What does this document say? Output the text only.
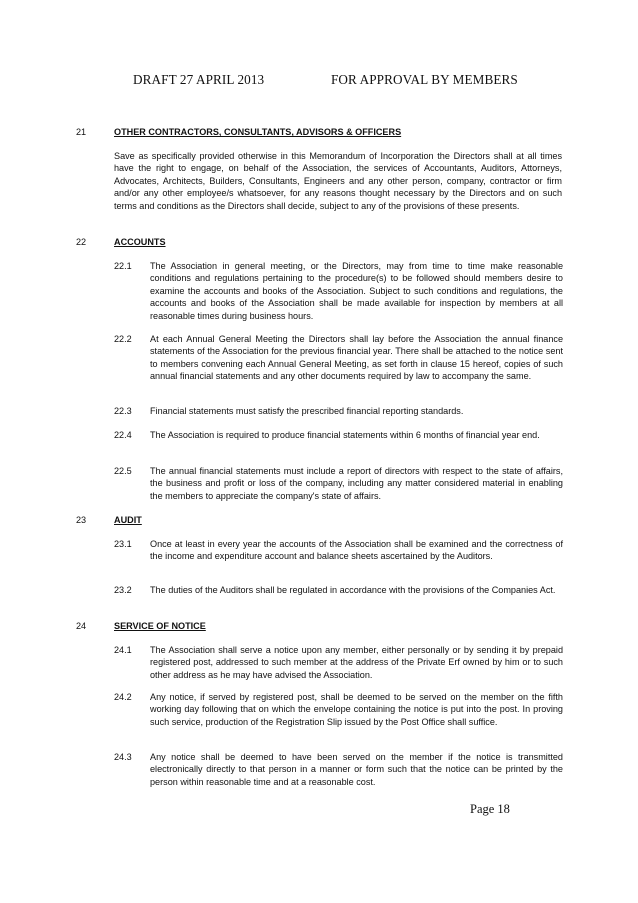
DRAFT 27 APRIL 2013	FOR APPROVAL BY MEMBERS
21	OTHER CONTRACTORS, CONSULTANTS, ADVISORS & OFFICERS
Save as specifically provided otherwise in this Memorandum of Incorporation the Directors shall at all times have the right to engage, on behalf of the Association, the services of Accountants, Auditors, Attorneys, Advocates, Architects, Builders, Consultants, Engineers and any other person, company, contractor or firm and/or any other employee/s whatsoever, for any reasons thought necessary by the Directors and on such terms and conditions as the Directors shall decide, subject to any of the provisions of these presents.
22	ACCOUNTS
22.1 The Association in general meeting, or the Directors, may from time to time make reasonable conditions and regulations pertaining to the procedure(s) to be followed should members desire to examine the accounts and books of the Association. Subject to such conditions and regulations, the accounts and books of the Association shall be made available for inspection by members at all reasonable times during business hours.
22.2 At each Annual General Meeting the Directors shall lay before the Association the annual finance statements of the Association for the previous financial year. There shall be attached to the notice sent to members convening each Annual General Meeting, as set forth in clause 15 hereof, copies of such annual financial statements and any other documents required by law to accompany the same.
22.3 Financial statements must satisfy the prescribed financial reporting standards.
22.4 The Association is required to produce financial statements within 6 months of financial year end.
22.5 The annual financial statements must include a report of directors with respect to the state of affairs, the business and profit or loss of the company, including any matter considered material in enabling the members to appreciate the company's state of affairs.
23	AUDIT
23.1 Once at least in every year the accounts of the Association shall be examined and the correctness of the income and expenditure account and balance sheets ascertained by the Auditors.
23.2 The duties of the Auditors shall be regulated in accordance with the provisions of the Companies Act.
24	SERVICE OF NOTICE
24.1 The Association shall serve a notice upon any member, either personally or by sending it by prepaid registered post, addressed to such member at the address of the Private Erf owned by him or to such other address as he may have advised the Association.
24.2 Any notice, if served by registered post, shall be deemed to be served on the member on the fifth working day following that on which the envelope containing the notice is put into the post. In proving such service, production of the Registration Slip issued by the Post Office shall suffice.
24.3 Any notice shall be deemed to have been served on the member if the notice is transmitted electronically directly to that person in a manner or form such that the notice can be printed by the person within reasonable time and at a reasonable cost.
Page 18
